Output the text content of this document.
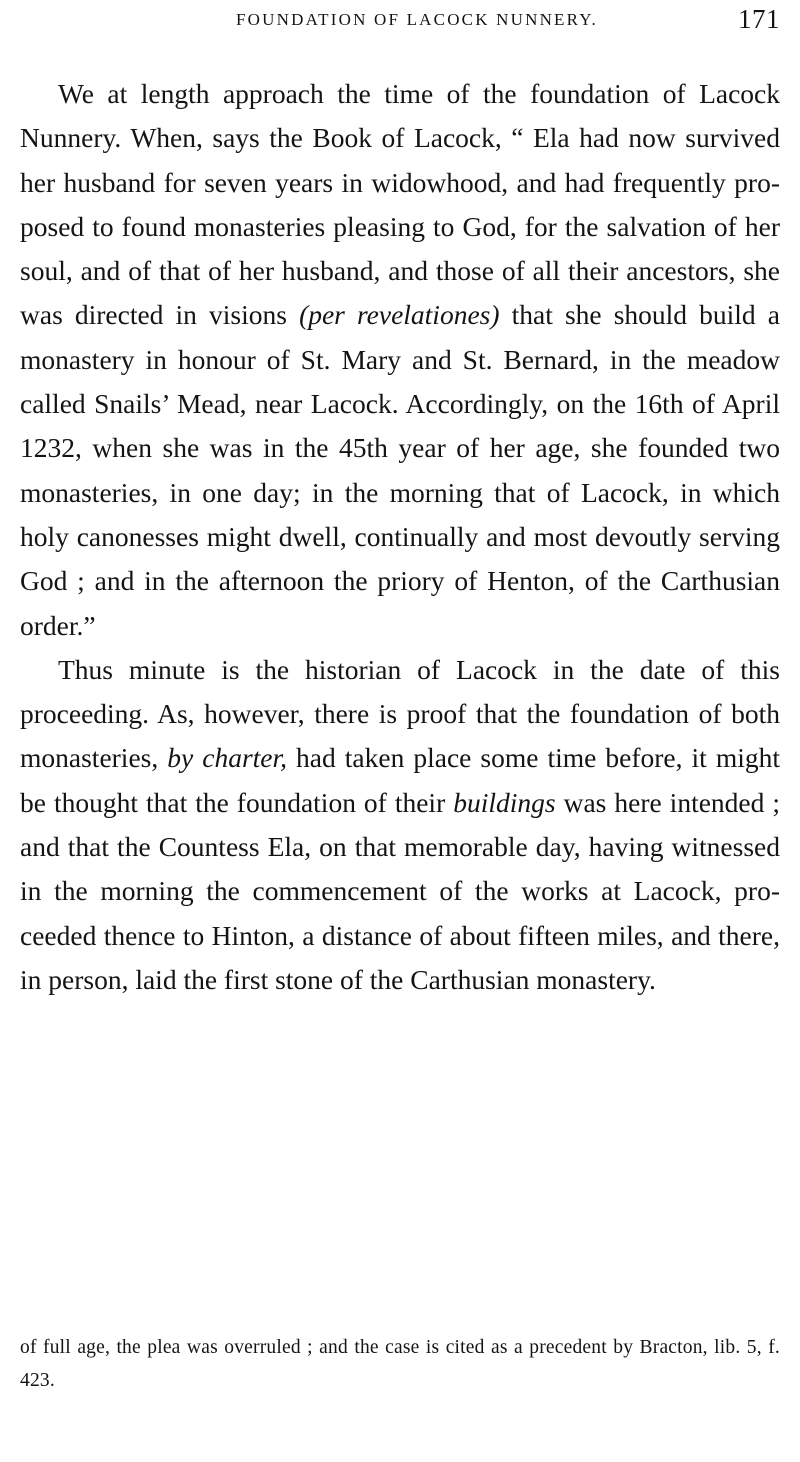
FOUNDATION OF LACOCK NUNNERY.	171

We at length approach the time of the foundation of Lacock Nunnery. When, says the Book of Lacock, “ Ela had now survived her husband for seven years in widowhood, and had frequently proposed to found monasteries pleasing to God, for the salvation of her soul, and of that of her husband, and those of all their ancestors, she was directed in visions (per revelationes) that she should build a monastery in honour of St. Mary and St. Bernard, in the meadow called Snails’ Mead, near Lacock. Accordingly, on the 16th of April 1232, when she was in the 45th year of her age, she founded two monasteries, in one day; in the morning that of Lacock, in which holy canonesses might dwell, continually and most devoutly serving God ; and in the afternoon the priory of Henton, of the Carthusian order.”

Thus minute is the historian of Lacock in the date of this proceeding. As, however, there is proof that the foundation of both monasteries, by charter, had taken place some time before, it might be thought that the foundation of their buildings was here intended ; and that the Countess Ela, on that memorable day, having witnessed in the morning the commencement of the works at Lacock, proceeded thence to Hinton, a distance of about fifteen miles, and there, in person, laid the first stone of the Carthusian monastery.

of full age, the plea was overruled ; and the case is cited as a precedent by Bracton, lib. 5, f. 423.
